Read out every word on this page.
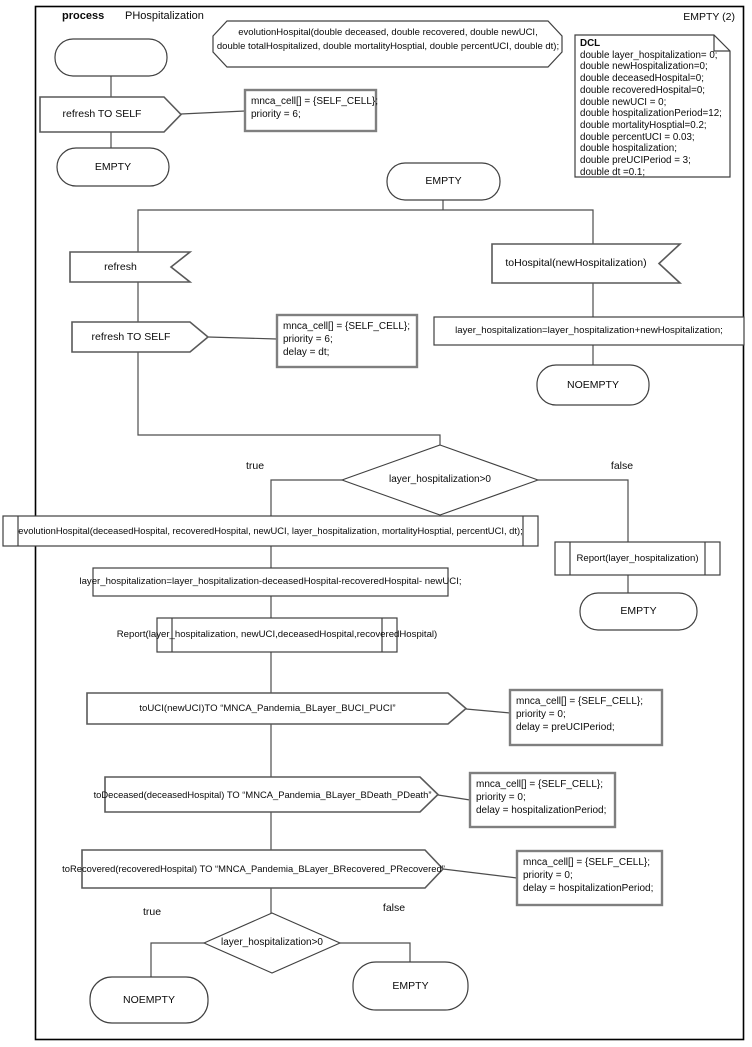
process	PHospitalization	EMPTY (2)
evolutionHospital(double deceased, double recovered, double newUCI,
double totalHospitalized, double mortalityHosptial, double percentUCI, double dt);	DCL
double layer_hospitalization= 0;
double newHospitalization=0;
double deceasedHospital=0;
double recoveredHospital=0;
double newUCI = 0;
double hospitalizationPeriod=12;
double mortalityHosptial=0.2;
double percentUCI = 0.03;
double hospitalization;
double preUCIPeriod = 3;
double dt =0.1;
EMPTY
EMPTY
NOEMPTY
EMPTY
NOEMPTY
EMPTY
refresh TO SELF
refresh TO SELF
toUCI(newUCI)TO “MNCA_Pandemia_BLayer_BUCI_PUCI”
toDeceased(deceasedHospital) TO “MNCA_Pandemia_BLayer_BDeath_PDeath”
toRecovered(recoveredHospital) TO “MNCA_Pandemia_BLayer_BRecovered_PRecovered”
refresh	toHospital(newHospitalization)
layer_hospitalization=layer_hospitalization+newHospitalization;
layer_hospitalization=layer_hospitalization-deceasedHospital-recoveredHospital- newUCI;
evolutionHospital(deceasedHospital, recoveredHospital, newUCI, layer_hospitalization, mortalityHosptial, percentUCI, dt);
Report(layer_hospitalization, newUCI,deceasedHospital,recoveredHospital)
Report(layer_hospitalization)
layer_hospitalization>0
true	false
layer_hospitalization>0
true	false
mnca_cell[] = {SELF_CELL};
priority = 6;
mnca_cell[] = {SELF_CELL};
priority = 6;
delay = dt;
mnca_cell[] = {SELF_CELL};
priority = 0;
delay = preUCIPeriod;
mnca_cell[] = {SELF_CELL};
priority = 0;
delay = hospitalizationPeriod;
mnca_cell[] = {SELF_CELL};
priority = 0;
delay = hospitalizationPeriod;
